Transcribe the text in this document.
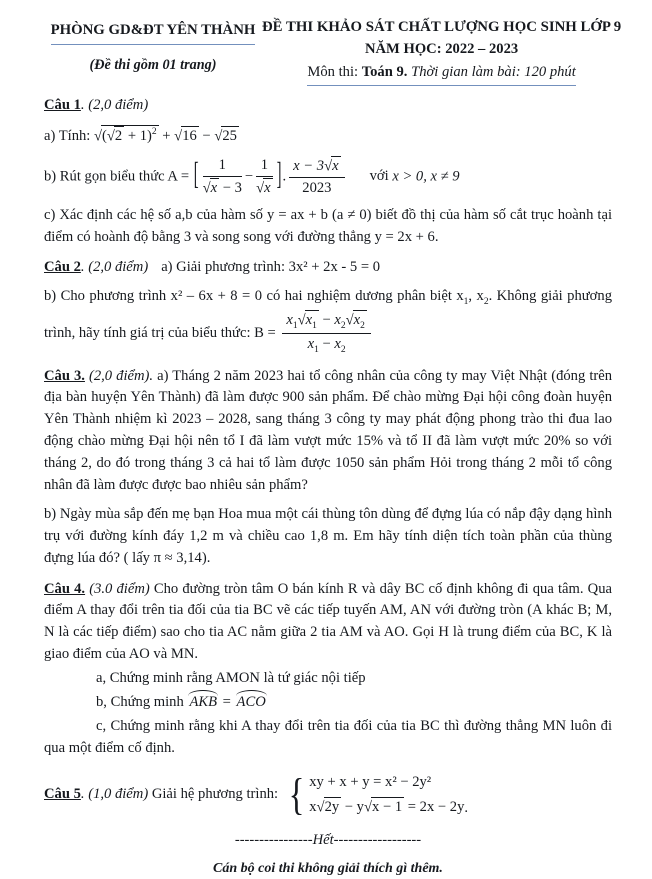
PHÒNG GD&ĐT YÊN THÀNH
(Đề thi gồm 01 trang)
ĐỀ THI KHẢO SÁT CHẤT LƯỢNG HỌC SINH LỚP 9
NĂM HỌC: 2022 – 2023
Môn thi: Toán 9. Thời gian làm bài: 120 phút
Câu 1. (2,0 điểm)
a) Tính: $√(√2 + 1)^2 + √16 - √25$
b) Rút gọn biểu thức A = [ $\frac{1}{√x - 3} - \frac{1}{√x}$ ]. $\frac{x - 3√x}{2023}$ với x > 0, x ≠ 9
c) Xác định các hệ số a,b của hàm số y = ax + b (a ≠ 0) biết đồ thị của hàm số cắt trục hoành tại điểm có hoành độ bằng 3 và song song với đường thẳng y = 2x + 6.
Câu 2. (2,0 điểm) a) Giải phương trình: 3x² + 2x - 5 = 0
b) Cho phương trình x² – 6x + 8 = 0 có hai nghiệm dương phân biệt $x_1$, $x_2$. Không giải phương trình, hãy tính giá trị của biểu thức: $B = \frac{x_1√x_1 - x_2√x_2}{x_1 - x_2}$
Câu 3. (2,0 điểm). a) Tháng 2 năm 2023 hai tổ công nhân của công ty may Việt Nhật (đóng trên địa bàn huyện Yên Thành) đã làm được 900 sản phẩm. Để chào mừng Đại hội công đoàn huyện Yên Thành nhiệm kì 2023 – 2028, sang tháng 3 công ty may phát động phong trào thi đua lao động chào mừng Đại hội nên tổ I đã làm vượt mức 15% và tổ II đã làm vượt mức 20% so với tháng 2, do đó trong tháng 3 cả hai tổ làm được 1050 sản phẩm Hỏi trong tháng 2 mỗi tổ công nhân đã làm được được bao nhiêu sản phẩm?
b) Ngày mùa sắp đến mẹ bạn Hoa mua một cái thùng tôn dùng để đựng lúa có nắp đậy dạng hình trụ với đường kính đáy 1,2 m và chiều cao 1,8 m. Em hãy tính diện tích toàn phần của thùng đựng lúa đó? ( lấy π ≈ 3,14).
Câu 4. (3.0 điểm) Cho đường tròn tâm O bán kính R và dây BC cố định không đi qua tâm. Qua điểm A thay đổi trên tia đối của tia BC vẽ các tiếp tuyến AM, AN với đường tròn (A khác B; M, N là các tiếp điểm) sao cho tia AC nằm giữa 2 tia AM và AO. Gọi H là trung điểm của BC, K là giao điểm của AO và MN.
a, Chứng minh rằng AMON là tứ giác nội tiếp
b, Chứng minh AKB = ACO
c, Chứng minh rằng khi A thay đổi trên tia đối của tia BC thì đường thẳng MN luôn đi qua một điểm cố định.
Câu 5. (1,0 điểm) Giải hệ phương trình: { xy + x + y = x² − 2y²
x√2y − y√x − 1 = 2x − 2y .
----------------Hết------------------
Cán bộ coi thi không giải thích gì thêm.
